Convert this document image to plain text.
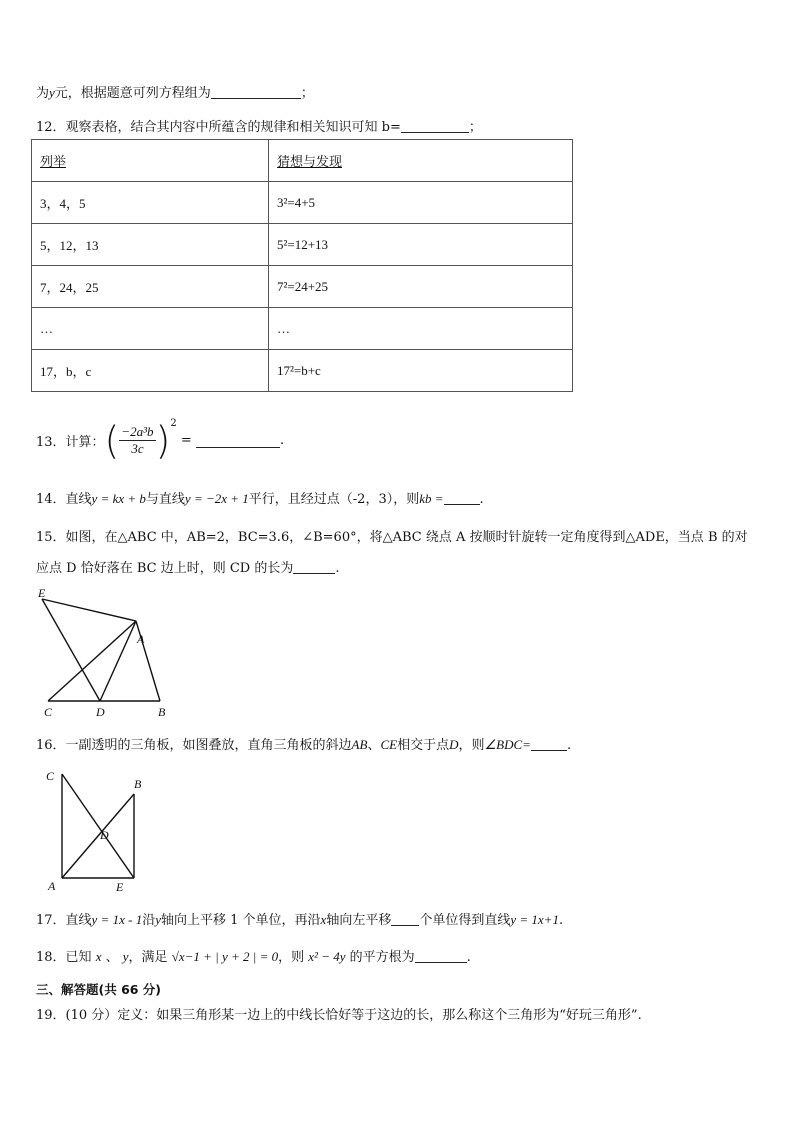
为y元，根据题意可列方程组为	；
12．观察表格，结合其内容中所蕴含的规律和相关知识可知 b=	；
列举	猜想与发现
3，4，5	3²=4+5
5，12，13	5²=12+13
7，24，25	7²=24+25
…	…
17，b，c	17²=b+c
13．计算：( $\frac{\text{−2a³b}}{3c} )^2$ =	.
14．直线y = kx + b与直线y = −2x + 1平行，且经过点（-2，3），则kb =	.
15．如图，在△ABC 中，AB=2，BC=3.6，∠B=60°，将△ABC 绕点 A 按顺时针旋转一定角度得到△ADE，当点 B 的对
应点 D 恰好落在 BC 边上时，则 CD 的长为	.
E
A
C	D	B
16．一副透明的三角板，如图叠放，直角三角板的斜边AB、CE相交于点D，则∠BDC=	.
C
B
D
A	E
17．直线y = 1x - 1沿y轴向上平移 1 个单位，再沿x轴向左平移 个单位得到直线y = 1x+1.
18．已知 x 、 y，满足 √x−1 + | y + 2 | = 0，则 x² − 4y 的平方根为	.
三、解答题(共 66 分)
19．(10 分）定义：如果三角形某一边上的中线长恰好等于这边的长，那么称这个三角形为“好玩三角形”.
